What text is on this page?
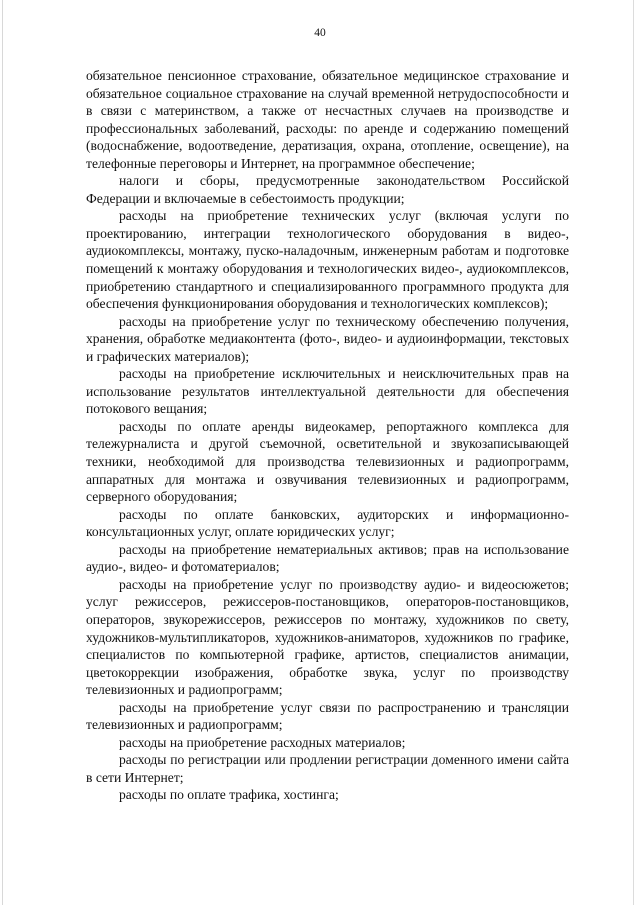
40

обязательное пенсионное страхование, обязательное медицинское страхование и обязательное социальное страхование на случай временной нетрудоспособности и в связи с материнством, а также от несчастных случаев на производстве и профессиональных заболеваний, расходы: по аренде и содержанию помещений (водоснабжение, водоотведение, дератизация, охрана, отопление, освещение), на телефонные переговоры и Интернет, на программное обеспечение;

налоги и сборы, предусмотренные законодательством Российской Федерации и включаемые в себестоимость продукции;

расходы на приобретение технических услуг (включая услуги по проектированию, интеграции технологического оборудования в видео-, аудиокомплексы, монтажу, пуско-наладочным, инженерным работам и подготовке помещений к монтажу оборудования и технологических видео-, аудиокомплексов, приобретению стандартного и специализированного программного продукта для обеспечения функционирования оборудования и технологических комплексов);

расходы на приобретение услуг по техническому обеспечению получения, хранения, обработке медиаконтента (фото-, видео- и аудиоинформации, текстовых и графических материалов);

расходы на приобретение исключительных и неисключительных прав на использование результатов интеллектуальной деятельности для обеспечения потокового вещания;

расходы по оплате аренды видеокамер, репортажного комплекса для тележурналиста и другой съемочной, осветительной и звукозаписывающей техники, необходимой для производства телевизионных и радиопрограмм, аппаратных для монтажа и озвучивания телевизионных и радиопрограмм, серверного оборудования;

расходы по оплате банковских, аудиторских и информационно-консультационных услуг, оплате юридических услуг;

расходы на приобретение нематериальных активов; прав на использование аудио-, видео- и фотоматериалов;

расходы на приобретение услуг по производству аудио- и видеосюжетов; услуг режиссеров, режиссеров-постановщиков, операторов-постановщиков, операторов, звукорежиссеров, режиссеров по монтажу, художников по свету, художников-мультипликаторов, художников-аниматоров, художников по графике, специалистов по компьютерной графике, артистов, специалистов анимации, цветокоррекции изображения, обработке звука, услуг по производству телевизионных и радиопрограмм;

расходы на приобретение услуг связи по распространению и трансляции телевизионных и радиопрограмм;

расходы на приобретение расходных материалов;

расходы по регистрации или продлении регистрации доменного имени сайта в сети Интернет;

расходы по оплате трафика, хостинга;
